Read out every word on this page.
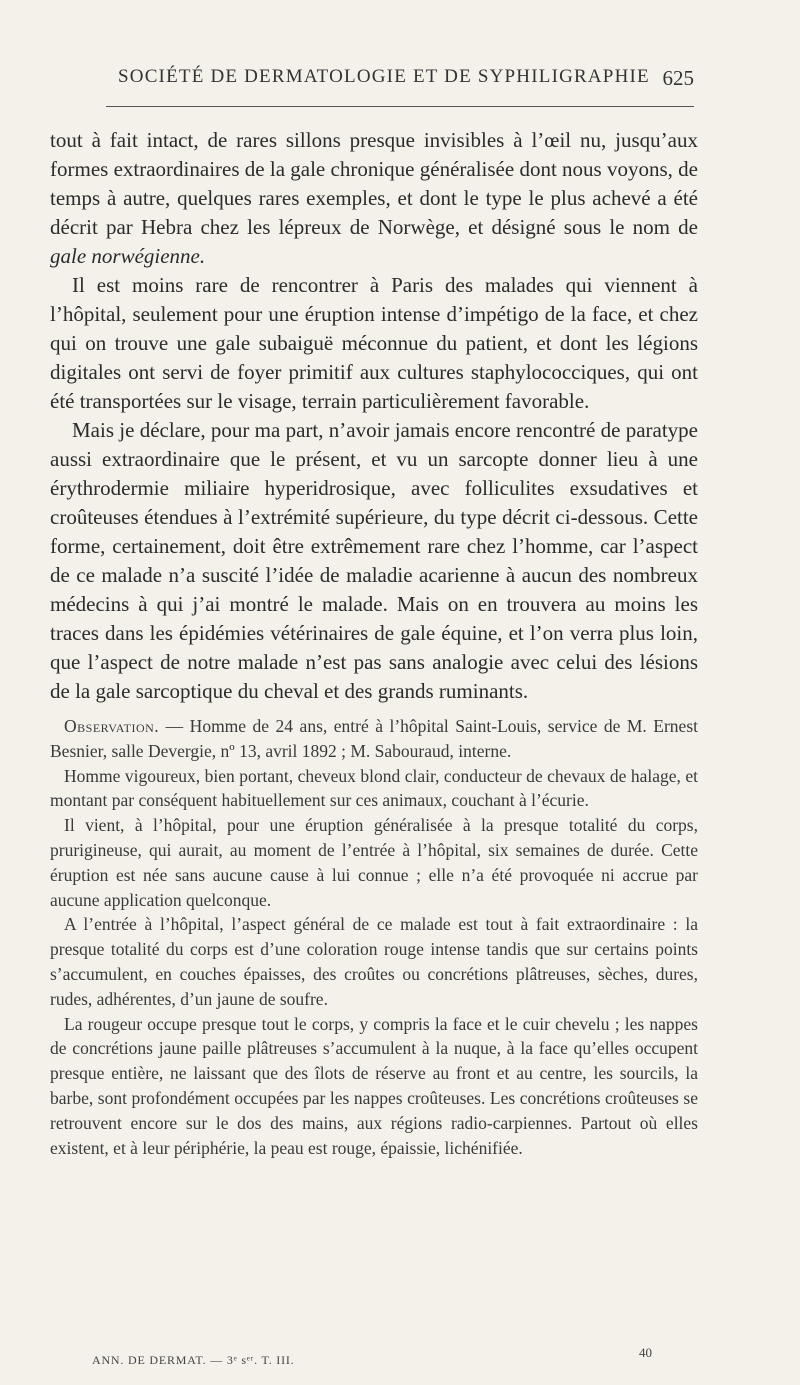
SOCIÉTÉ DE DERMATOLOGIE ET DE SYPHILIGRAPHIE 625

tout à fait intact, de rares sillons presque invisibles à l’œil nu, jusqu’aux formes extraordinaires de la gale chronique généralisée dont nous voyons, de temps à autre, quelques rares exemples, et dont le type le plus achevé a été décrit par Hebra chez les lépreux de Norwège, et désigné sous le nom de gale norwégienne.

Il est moins rare de rencontrer à Paris des malades qui viennent à l’hôpital, seulement pour une éruption intense d’impétigo de la face, et chez qui on trouve une gale subaiguë méconnue du patient, et dont les légions digitales ont servi de foyer primitif aux cultures staphylococciques, qui ont été transportées sur le visage, terrain particulièrement favorable.

Mais je déclare, pour ma part, n’avoir jamais encore rencontré de paratype aussi extraordinaire que le présent, et vu un sarcopte donner lieu à une érythrodermie miliaire hyperidrosique, avec folliculites exsudatives et croûteuses étendues à l’extrémité supérieure, du type décrit ci-dessous. Cette forme, certainement, doit être extrêmement rare chez l’homme, car l’aspect de ce malade n’a suscité l’idée de maladie acarienne à aucun des nombreux médecins à qui j’ai montré le malade. Mais on en trouvera au moins les traces dans les épidémies vétérinaires de gale équine, et l’on verra plus loin, que l’aspect de notre malade n’est pas sans analogie avec celui des lésions de la gale sarcoptique du cheval et des grands ruminants.

Observation. — Homme de 24 ans, entré à l’hôpital Saint-Louis, service de M. Ernest Besnier, salle Devergie, nº 13, avril 1892 ; M. Sabouraud, interne.

Homme vigoureux, bien portant, cheveux blond clair, conducteur de chevaux de halage, et montant par conséquent habituellement sur ces animaux, couchant à l’écurie.

Il vient, à l’hôpital, pour une éruption généralisée à la presque totalité du corps, prurigineuse, qui aurait, au moment de l’entrée à l’hôpital, six semaines de durée. Cette éruption est née sans aucune cause à lui connue ; elle n’a été provoquée ni accrue par aucune application quelconque.

A l’entrée à l’hôpital, l’aspect général de ce malade est tout à fait extraordinaire : la presque totalité du corps est d’une coloration rouge intense tandis que sur certains points s’accumulent, en couches épaisses, des croûtes ou concrétions plâtreuses, sèches, dures, rudes, adhérentes, d’un jaune de soufre.

La rougeur occupe presque tout le corps, y compris la face et le cuir chevelu ; les nappes de concrétions jaune paille plâtreuses s’accumulent à la nuque, à la face qu’elles occupent presque entière, ne laissant que des îlots de réserve au front et au centre, les sourcils, la barbe, sont profondément occupées par les nappes croûteuses. Les concrétions croûteuses se retrouvent encore sur le dos des mains, aux régions radio-carpiennes. Partout où elles existent, et à leur périphérie, la peau est rouge, épaissie, lichénifiée.

ANN. DE DERMAT. — 3ᵉ sᵉʳ. T. III.	40
